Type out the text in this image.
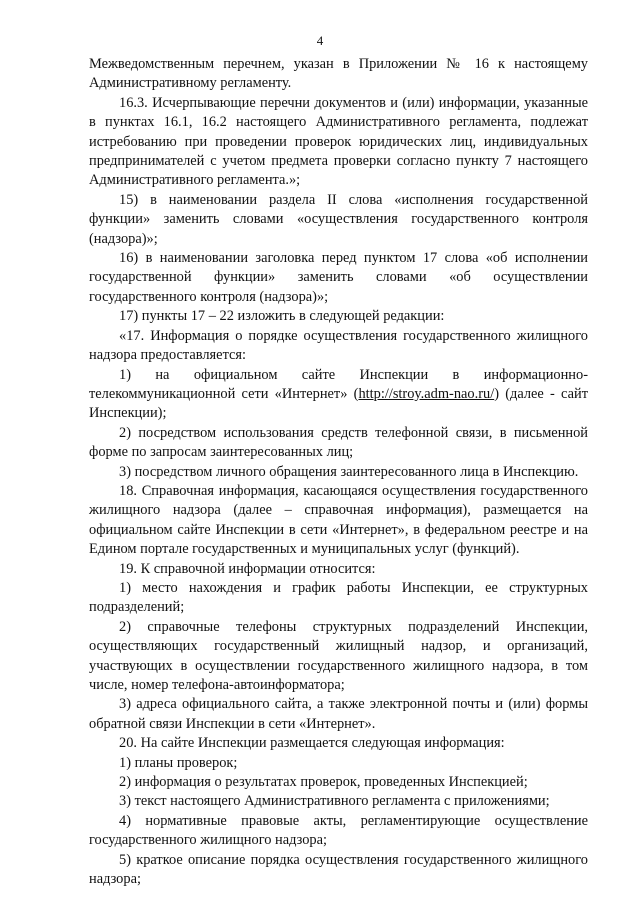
4

Межведомственным перечнем, указан в Приложении № 16 к настоящему Административному регламенту.

16.3. Исчерпывающие перечни документов и (или) информации, указанные в пунктах 16.1, 16.2 настоящего Административного регламента, подлежат истребованию при проведении проверок юридических лиц, индивидуальных предпринимателей с учетом предмета проверки согласно пункту 7 настоящего Административного регламента.»;

15) в наименовании раздела II слова «исполнения государственной функции» заменить словами «осуществления государственного контроля (надзора)»;

16) в наименовании заголовка перед пунктом 17 слова «об исполнении государственной функции» заменить словами «об осуществлении государственного контроля (надзора)»;

17) пункты 17 – 22 изложить в следующей редакции:

«17. Информация о порядке осуществления государственного жилищного надзора предоставляется:

1) на официальном сайте Инспекции в информационно-телекоммуникационной сети «Интернет» (http://stroy.adm-nao.ru/) (далее - сайт Инспекции);

2) посредством использования средств телефонной связи, в письменной форме по запросам заинтересованных лиц;

3) посредством личного обращения заинтересованного лица в Инспекцию.

18. Справочная информация, касающаяся осуществления государственного жилищного надзора (далее – справочная информация), размещается на официальном сайте Инспекции в сети «Интернет», в федеральном реестре и на Едином портале государственных и муниципальных услуг (функций).

19. К справочной информации относится:

1) место нахождения и график работы Инспекции, ее структурных подразделений;

2) справочные телефоны структурных подразделений Инспекции, осуществляющих государственный жилищный надзор, и организаций, участвующих в осуществлении государственного жилищного надзора, в том числе, номер телефона-автоинформатора;

3) адреса официального сайта, а также электронной почты и (или) формы обратной связи Инспекции в сети «Интернет».

20. На сайте Инспекции размещается следующая информация:

1) планы проверок;

2) информация о результатах проверок, проведенных Инспекцией;

3) текст настоящего Административного регламента с приложениями;

4) нормативные правовые акты, регламентирующие осуществление государственного жилищного надзора;

5) краткое описание порядка осуществления государственного жилищного надзора;
